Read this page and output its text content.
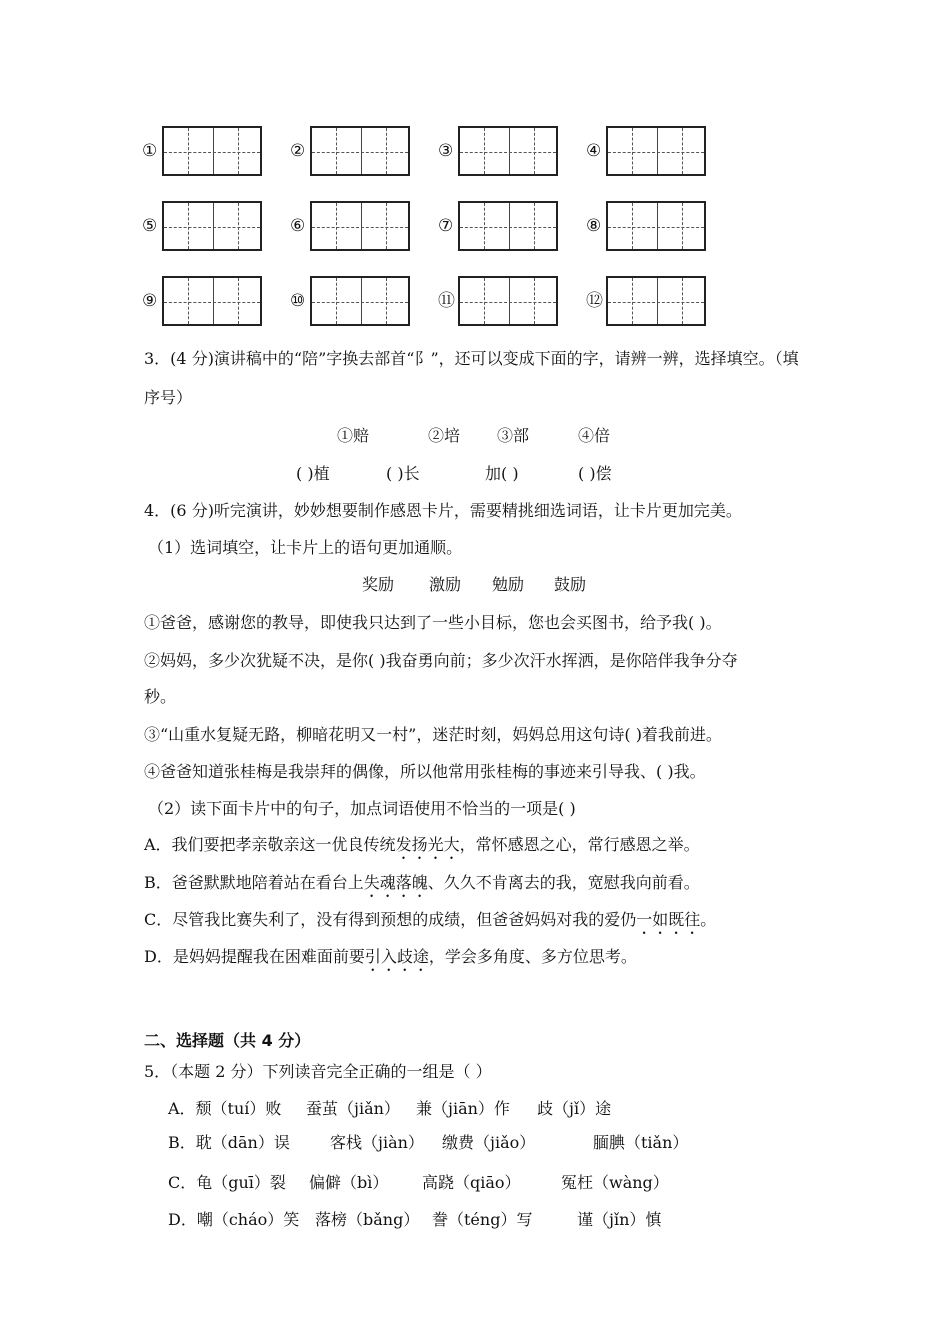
①	②	③	④
⑤	⑥	⑦	⑧
⑨	⑩	⑪	⑫
3．(4 分)演讲稿中的“陪”字换去部首“阝”，还可以变成下面的字，请辨一辨，选择填空。（填
序号）
①赔	②培 ③部	④倍
( )植	( )长	加( )	( )偿
4．(6 分)听完演讲，妙妙想要制作感恩卡片，需要精挑细选词语，让卡片更加完美。
（1）选词填空，让卡片上的语句更加通顺。
奖励 激励 勉励 鼓励
①爸爸，感谢您的教导，即使我只达到了一些小目标，您也会买图书，给予我( )。
②妈妈，多少次犹疑不决，是你( )我奋勇向前；多少次汗水挥洒，是你陪伴我争分夺
秒。
③“山重水复疑无路，柳暗花明又一村”，迷茫时刻，妈妈总用这句诗( )着我前进。
④爸爸知道张桂梅是我崇拜的偶像，所以他常用张桂梅的事迹来引导我、( )我。
（2）读下面卡片中的句子，加点词语使用不恰当的一项是( )
A．我们要把孝亲敬亲这一优良传统发扬光大，常怀感恩之心，常行感恩之举。
B．爸爸默默地陪着站在看台上失魂落魄、久久不肯离去的我，宽慰我向前看。
C．尽管我比赛失利了，没有得到预想的成绩，但爸爸妈妈对我的爱仍一如既往。
D．是妈妈提醒我在困难面前要引入歧途，学会多角度、多方位思考。
二、选择题（共 4 分）
5．（本题 2 分）下列读音完全正确的一组是（ ）
A．颓（tuí）败 蚕茧（jiǎn） 兼（jiān）作 歧（jǐ）途
B．耽（dān）误	客栈（jiàn） 缴费（jiǎo）	腼腆（tiǎn）
C．龟（guī）裂 偏僻（bì） 高跷（qiāo）	冤枉（wàng）
D．嘲（cháo）笑 落榜（bǎng） 誊（téng）写	谨（jǐn）慎
